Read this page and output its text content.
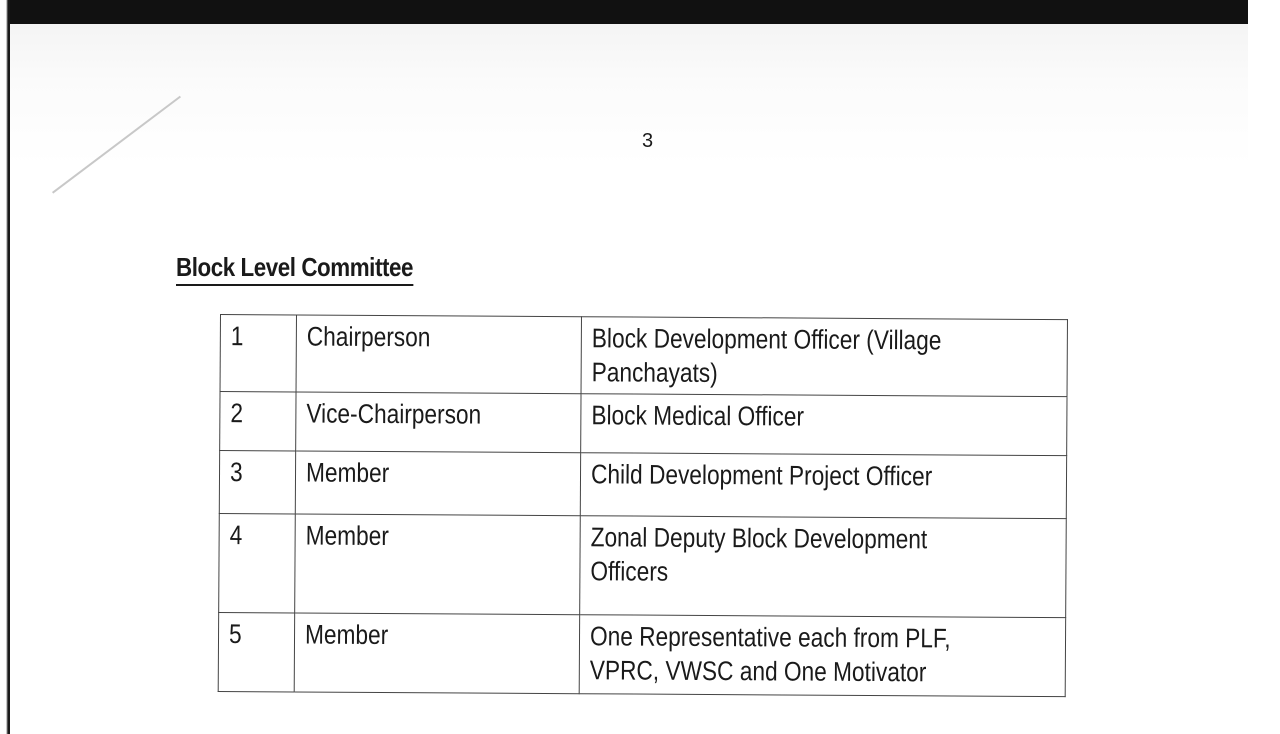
3
Block Level Committee
1	Chairperson	Block Development Officer (Village
Panchayats)
2	Vice-Chairperson	Block Medical Officer
3	Member	Child Development Project Officer
4	Member	Zonal Deputy Block Development
Officers
5	Member	One Representative each from PLF,
VPRC, VWSC and One Motivator
